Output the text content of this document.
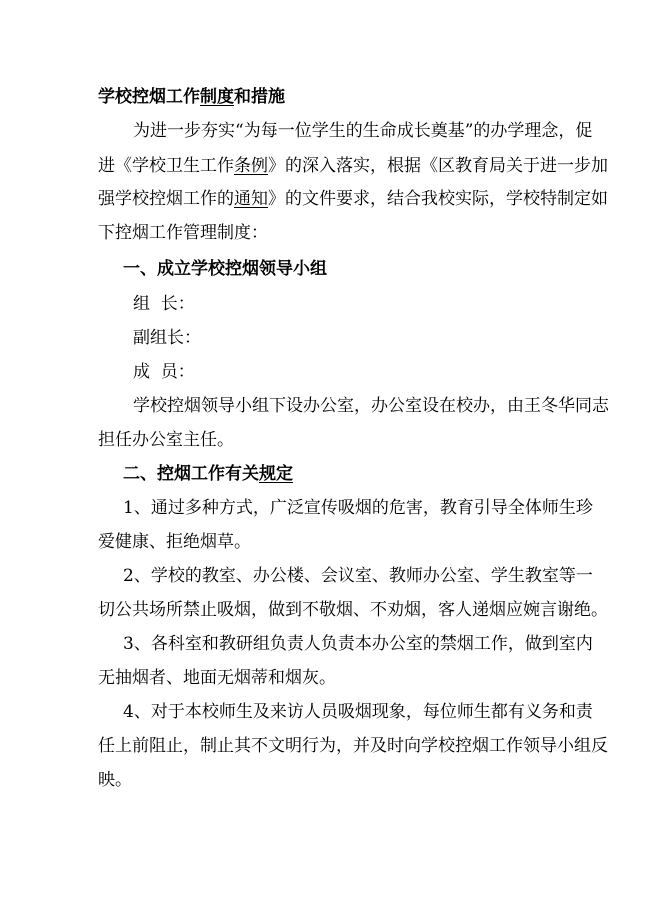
学校控烟工作制度和措施

为进一步夯实“为每一位学生的生命成长奠基”的办学理念，促

进《学校卫生工作条例》的深入落实，根据《区教育局关于进一步加

强学校控烟工作的通知》的文件要求，结合我校实际，学校特制定如

下控烟工作管理制度：

一、成立学校控烟领导小组

组  长：

副组长：

成  员：

学校控烟领导小组下设办公室，办公室设在校办，由王冬华同志

担任办公室主任。

二、控烟工作有关规定

1、通过多种方式，广泛宣传吸烟的危害，教育引导全体师生珍

爱健康、拒绝烟草。

2、学校的教室、办公楼、会议室、教师办公室、学生教室等一

切公共场所禁止吸烟，做到不敬烟、不劝烟，客人递烟应婉言谢绝。

3、各科室和教研组负责人负责本办公室的禁烟工作，做到室内

无抽烟者、地面无烟蒂和烟灰。

4、对于本校师生及来访人员吸烟现象，每位师生都有义务和责

任上前阻止，制止其不文明行为，并及时向学校控烟工作领导小组反

映。
